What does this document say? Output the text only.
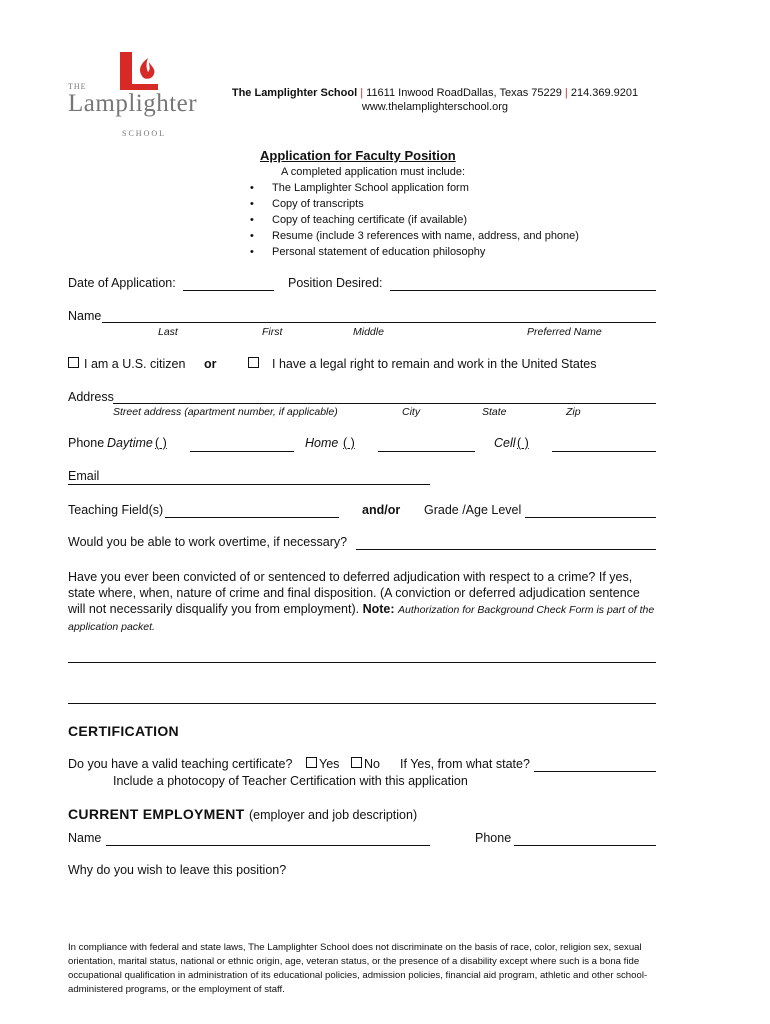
THE
Lamplighter
SCHOOL
The Lamplighter School | 11611 Inwood RoadDallas, Texas 75229 | 214.369.9201
www.thelamplighterschool.org
Application for Faculty Position
A completed application must include:
• The Lamplighter School application form
• Copy of transcripts
• Copy of teaching certificate (if available)
• Resume (include 3 references with name, address, and phone)
• Personal statement of education philosophy
Date of Application:	Position Desired:
Name
Last	First	Middle	Preferred Name
I am a U.S. citizen or	I have a legal right to remain and work in the United States
Address
Street address (apartment number, if applicable)	City	State	Zip
Phone Daytime ( )	Home ( )	Cell ( )
Email
Teaching Field(s)	and/or Grade /Age Level
Would you be able to work overtime, if necessary?
Have you ever been convicted of or sentenced to deferred adjudication with respect to a crime? If yes, state where, when, nature of crime and final disposition. (A conviction or deferred adjudication sentence will not necessarily disqualify you from employment). Note: Authorization for Background Check Form is part of the application packet.
CERTIFICATION
Do you have a valid teaching certificate?	Yes	No If Yes, from what state?
Include a photocopy of Teacher Certification with this application
CURRENT EMPLOYMENT (employer and job description)
Name	Phone
Why do you wish to leave this position?
In compliance with federal and state laws, The Lamplighter School does not discriminate on the basis of race, color, religion sex, sexual orientation, marital status, national or ethnic origin, age, veteran status, or the presence of a disability except where such is a bona fide occupational qualification in administration of its educational policies, admission policies, financial aid program, athletic and other school-administered programs, or the employment of staff.
